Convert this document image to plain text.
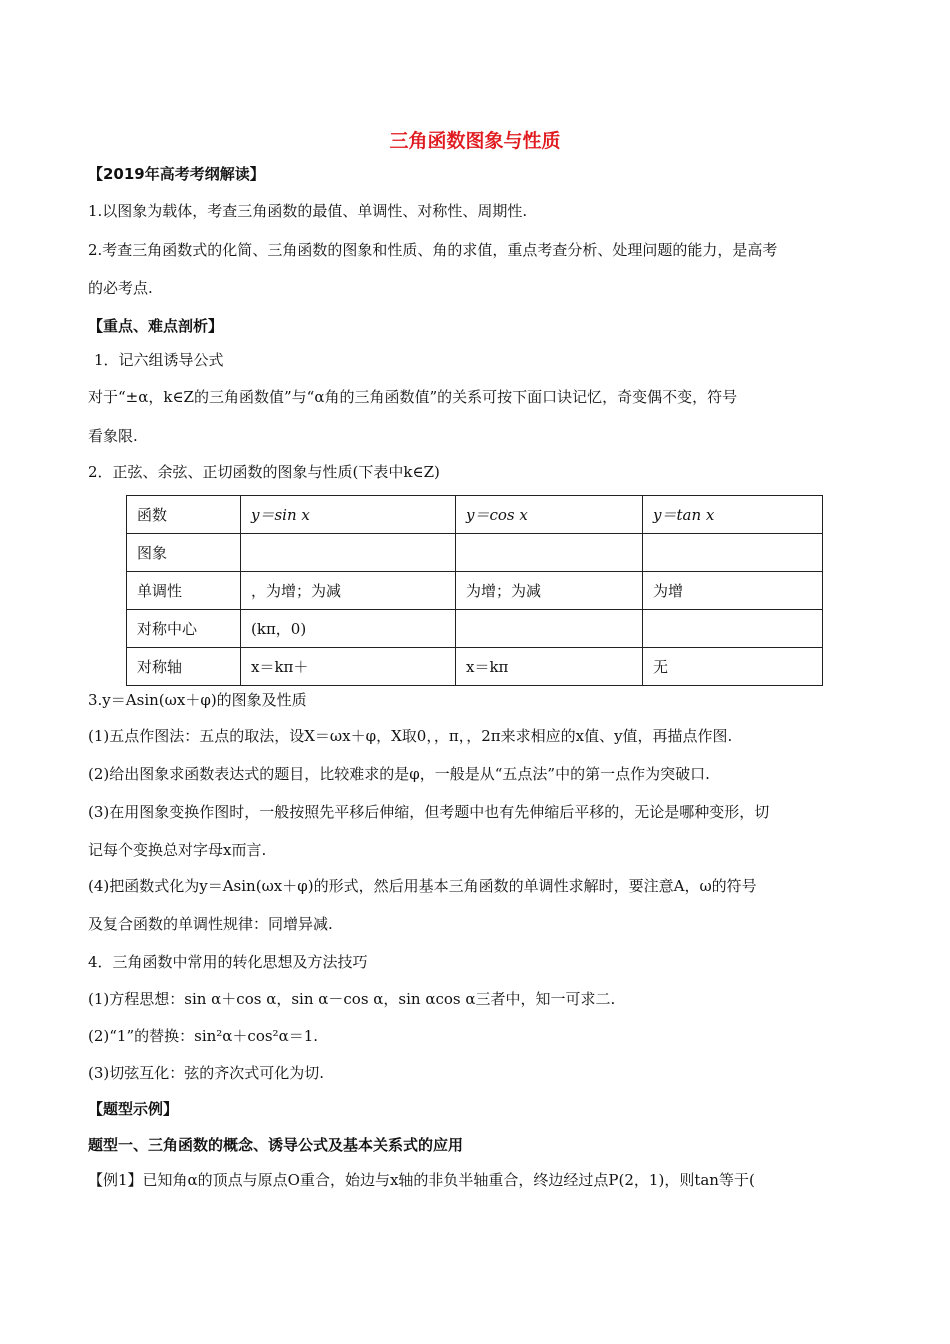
三角函数图象与性质
【2019年高考考纲解读】
1.以图象为载体，考查三角函数的最值、单调性、对称性、周期性.
2.考查三角函数式的化简、三角函数的图象和性质、角的求值，重点考查分析、处理问题的能力，是高考
的必考点.
【重点、难点剖析】
1．记六组诱导公式
对于“±α，k∈Z的三角函数值”与“α角的三角函数值”的关系可按下面口诀记忆，奇变偶不变，符号
看象限.
2．正弦、余弦、正切函数的图象与性质(下表中k∈Z)
函数	y＝sin x	y＝cos x	y＝tan x
图象			
单调性	，为增；为减	为增；为减	为增
对称中心	(kπ，0)		
对称轴	x＝kπ＋	x＝kπ	无
3.y＝Asin(ωx＋φ)的图象及性质
(1)五点作图法：五点的取法，设X＝ωx＋φ，X取0，，π，，2π来求相应的x值、y值，再描点作图.
(2)给出图象求函数表达式的题目，比较难求的是φ，一般是从“五点法”中的第一点作为突破口.
(3)在用图象变换作图时，一般按照先平移后伸缩，但考题中也有先伸缩后平移的，无论是哪种变形，切
记每个变换总对字母x而言.
(4)把函数式化为y＝Asin(ωx＋φ)的形式，然后用基本三角函数的单调性求解时，要注意A，ω的符号
及复合函数的单调性规律：同增异减.
4．三角函数中常用的转化思想及方法技巧
(1)方程思想：sin α＋cos α，sin α－cos α，sin αcos α三者中，知一可求二.
(2)“1”的替换：sin²α＋cos²α＝1.
(3)切弦互化：弦的齐次式可化为切.
【题型示例】
题型一、三角函数的概念、诱导公式及基本关系式的应用
【例1】已知角α的顶点与原点O重合，始边与x轴的非负半轴重合，终边经过点P(2，1)，则tan等于(
